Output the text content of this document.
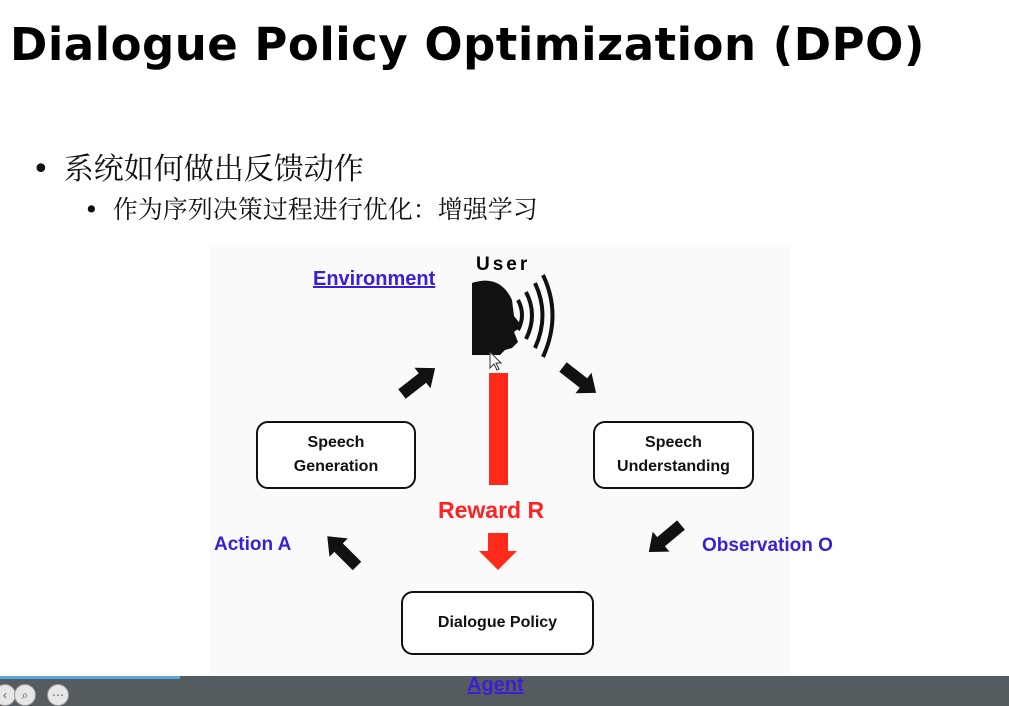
Dialogue Policy Optimization (DPO)
• 系统如何做出反馈动作
• 作为序列决策过程进行优化：增强学习
User
Environment
Speech
Generation
Speech
Understanding
Reward R
Action A	Observation O
Dialogue Policy
‹	⌕	⋯	Agent
